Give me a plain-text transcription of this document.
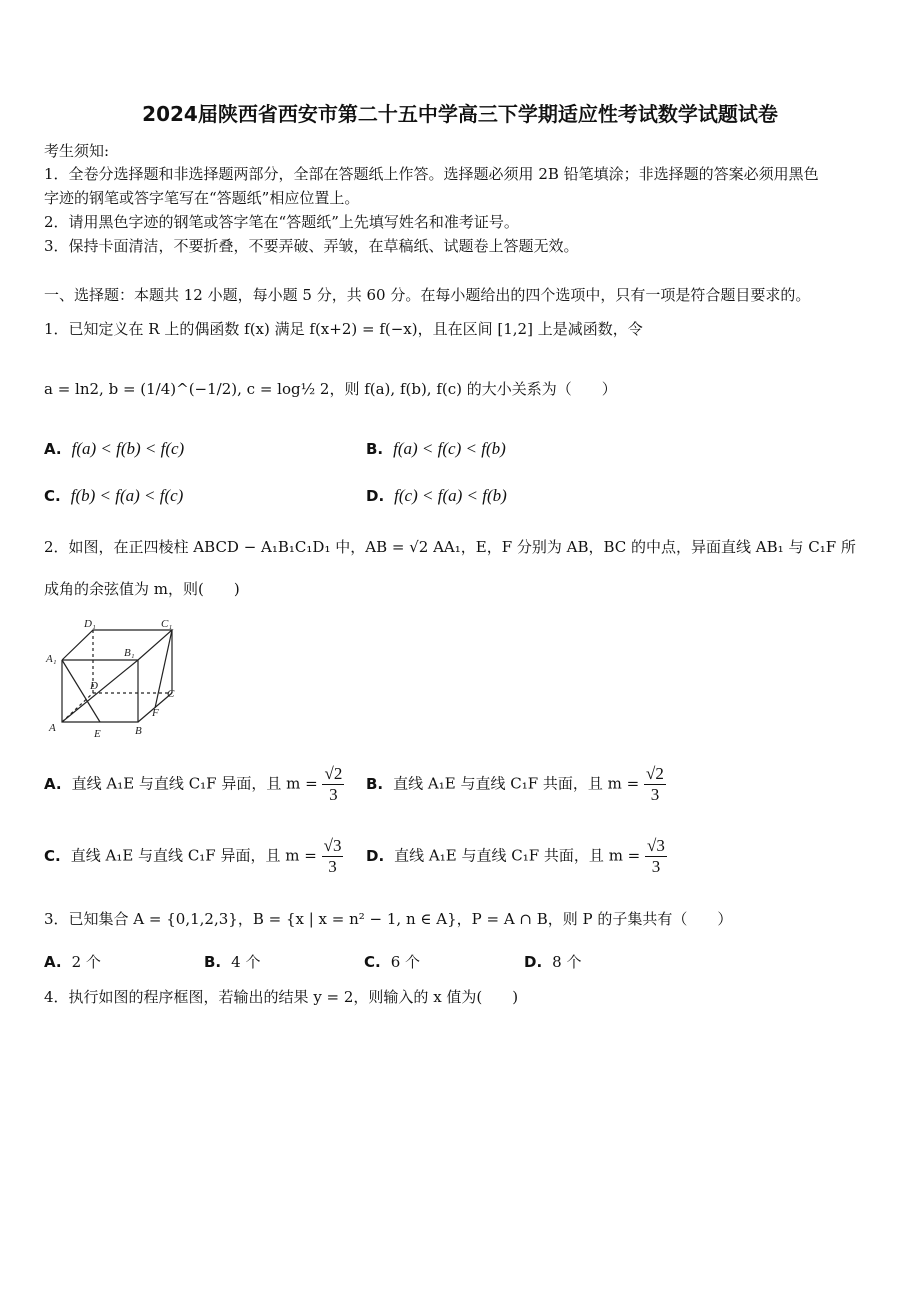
2024届陕西省西安市第二十五中学高三下学期适应性考试数学试题试卷
考生须知:
1．全卷分选择题和非选择题两部分，全部在答题纸上作答。选择题必须用 2B 铅笔填涂；非选择题的答案必须用黑色
字迹的钢笔或答字笔写在“答题纸”相应位置上。
2．请用黑色字迹的钢笔或答字笔在“答题纸”上先填写姓名和准考证号。
3．保持卡面清洁，不要折叠，不要弄破、弄皱，在草稿纸、试题卷上答题无效。
一、选择题：本题共 12 小题，每小题 5 分，共 60 分。在每小题给出的四个选项中，只有一项是符合题目要求的。
1．已知定义在 R 上的偶函数 f(x) 满足 f(x+2) = f(−x)，且在区间 [1,2] 上是减函数，令
a = ln2, b = (1/4)^(−1/2), c = log½ 2，则 f(a), f(b), f(c) 的大小关系为（　　）
A. f(a) < f(b) < f(c)	B. f(a) < f(c) < f(b)
C. f(b) < f(a) < f(c)	D. f(c) < f(a) < f(b)
2．如图，在正四棱柱 ABCD − A₁B₁C₁D₁ 中，AB = √2 AA₁，E，F 分别为 AB，BC 的中点，异面直线 AB₁ 与 C₁F 所
成角的余弦值为 m，则(　　)
D₁	C₁
A₁	B₁
D
C
F
A	E	B
A. 直线 A₁E 与直线 C₁F 异面，且 $m = \frac{√2}{3} B$. 直线 A₁E 与直线 C₁F 共面，且 $m = \frac{√2}{3}$
C. 直线 A₁E 与直线 C₁F 异面，且 $m = \frac{√3}{3} D$. 直线 A₁E 与直线 C₁F 共面，且 $m = \frac{√3}{3}$
3．已知集合 A = {0,1,2,3}，B = {x | x = n² − 1, n ∈ A}，P = A ∩ B，则 P 的子集共有（　　）
A. 2 个	B. 4 个	C. 6 个	D. 8 个
4．执行如图的程序框图，若输出的结果 y = 2，则输入的 x 值为(　　)
